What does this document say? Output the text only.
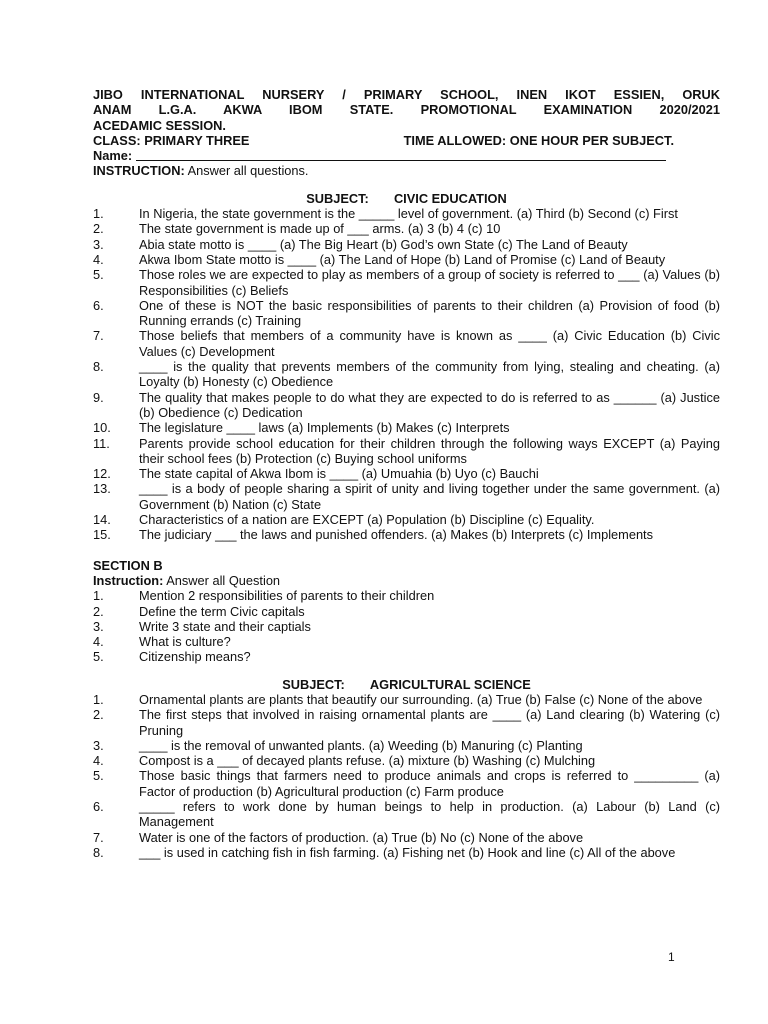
JIBO INTERNATIONAL NURSERY / PRIMARY SCHOOL, INEN IKOT ESSIEN, ORUK
ANAM L.G.A. AKWA IBOM STATE. PROMOTIONAL EXAMINATION 2020/2021
ACEDAMIC SESSION.
CLASS: PRIMARY THREE	TIME ALLOWED: ONE HOUR PER SUBJECT.
Name:
INSTRUCTION: Answer all questions.
SUBJECT: CIVIC EDUCATION
1.	In Nigeria, the state government is the _____ level of government. (a) Third (b) Second (c) First
2.	The state government is made up of ___ arms. (a) 3 (b) 4 (c) 10
3.	Abia state motto is ____ (a) The Big Heart (b) God’s own State (c) The Land of Beauty
4.	Akwa Ibom State motto is ____ (a) The Land of Hope (b) Land of Promise (c) Land of Beauty
5.	Those roles we are expected to play as members of a group of society is referred to ___ (a) Values (b) Responsibilities (c) Beliefs
6.	One of these is NOT the basic responsibilities of parents to their children (a) Provision of food (b) Running errands (c) Training
7.	Those beliefs that members of a community have is known as ____ (a) Civic Education (b) Civic Values (c) Development
8.	____ is the quality that prevents members of the community from lying, stealing and cheating. (a) Loyalty (b) Honesty (c) Obedience
9.	The quality that makes people to do what they are expected to do is referred to as ______ (a) Justice (b) Obedience (c) Dedication
10.	The legislature ____ laws (a) Implements (b) Makes (c) Interprets
11.	Parents provide school education for their children through the following ways EXCEPT (a) Paying their school fees (b) Protection (c) Buying school uniforms
12.	The state capital of Akwa Ibom is ____ (a) Umuahia (b) Uyo (c) Bauchi
13.	____ is a body of people sharing a spirit of unity and living together under the same government. (a) Government (b) Nation (c) State
14.	Characteristics of a nation are EXCEPT (a) Population (b) Discipline (c) Equality.
15.	The judiciary ___ the laws and punished offenders. (a) Makes (b) Interprets (c) Implements
SECTION B
Instruction: Answer all Question
1.	Mention 2 responsibilities of parents to their children
2.	Define the term Civic capitals
3.	Write 3 state and their captials
4.	What is culture?
5.	Citizenship means?
SUBJECT: AGRICULTURAL SCIENCE
1.	Ornamental plants are plants that beautify our surrounding. (a) True (b) False (c) None of the above
2.	The first steps that involved in raising ornamental plants are ____ (a) Land clearing (b) Watering (c) Pruning
3.	____ is the removal of unwanted plants. (a) Weeding (b) Manuring (c) Planting
4.	Compost is a ___ of decayed plants refuse. (a) mixture (b) Washing (c) Mulching
5.	Those basic things that farmers need to produce animals and crops is referred to _________ (a) Factor of production (b) Agricultural production (c) Farm produce
6.	_____ refers to work done by human beings to help in production. (a) Labour (b) Land (c) Management
7.	Water is one of the factors of production. (a) True (b) No (c) None of the above
8.	___ is used in catching fish in fish farming. (a) Fishing net (b) Hook and line (c) All of the above
1
